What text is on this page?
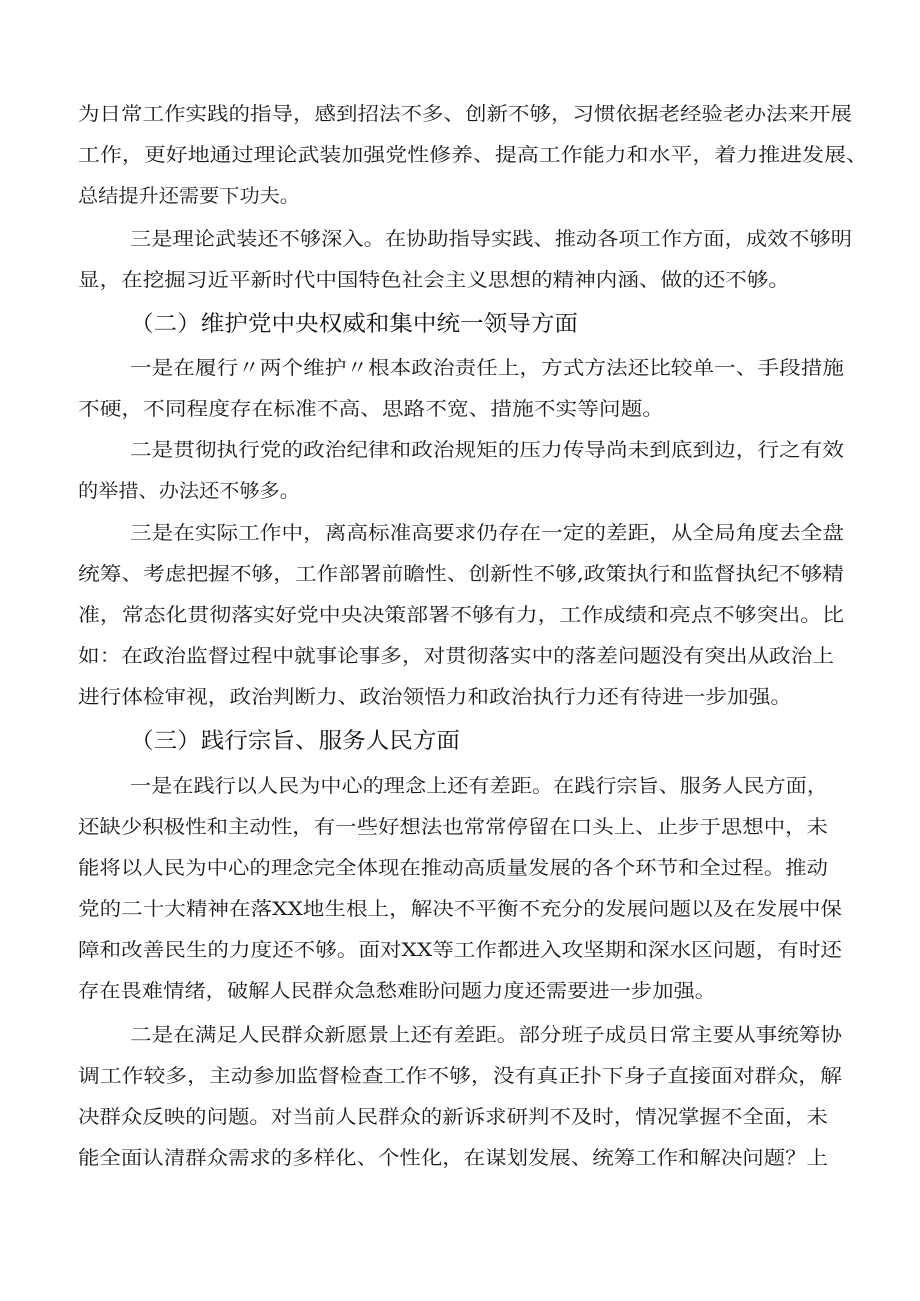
为日常工作实践的指导，感到招法不多、创新不够，习惯依据老经验老办法来开展
工作，更好地通过理论武装加强党性修养、提高工作能力和水平，着力推进发展、
总结提升还需要下功夫。
三是理论武装还不够深入。在协助指导实践、推动各项工作方面，成效不够明
显，在挖掘习近平新时代中国特色社会主义思想的精神内涵、做的还不够。
（二）维护党中央权威和集中统一领导方面
一是在履行〃两个维护〃根本政治责任上，方式方法还比较单一、手段措施
不硬，不同程度存在标准不高、思路不宽、措施不实等问题。
二是贯彻执行党的政治纪律和政治规矩的压力传导尚未到底到边，行之有效
的举措、办法还不够多。
三是在实际工作中，离高标准高要求仍存在一定的差距，从全局角度去全盘
统筹、考虑把握不够，工作部署前瞻性、创新性不够,政策执行和监督执纪不够精
准，常态化贯彻落实好党中央决策部署不够有力，工作成绩和亮点不够突出。比
如：在政治监督过程中就事论事多，对贯彻落实中的落差问题没有突出从政治上
进行体检审视，政治判断力、政治领悟力和政治执行力还有待进一步加强。
（三）践行宗旨、服务人民方面
一是在践行以人民为中心的理念上还有差距。在践行宗旨、服务人民方面，
还缺少积极性和主动性，有一些好想法也常常停留在口头上、止步于思想中，未
能将以人民为中心的理念完全体现在推动高质量发展的各个环节和全过程。推动
党的二十大精神在落XX地生根上，解决不平衡不充分的发展问题以及在发展中保
障和改善民生的力度还不够。面对XX等工作都进入攻坚期和深水区问题，有时还
存在畏难情绪，破解人民群众急愁难盼问题力度还需要进一步加强。
二是在满足人民群众新愿景上还有差距。部分班子成员日常主要从事统筹协
调工作较多，主动参加监督检查工作不够，没有真正扑下身子直接面对群众，解
决群众反映的问题。对当前人民群众的新诉求研判不及时，情况掌握不全面，未
能全面认清群众需求的多样化、个性化，在谋划发展、统筹工作和解决问题？上
